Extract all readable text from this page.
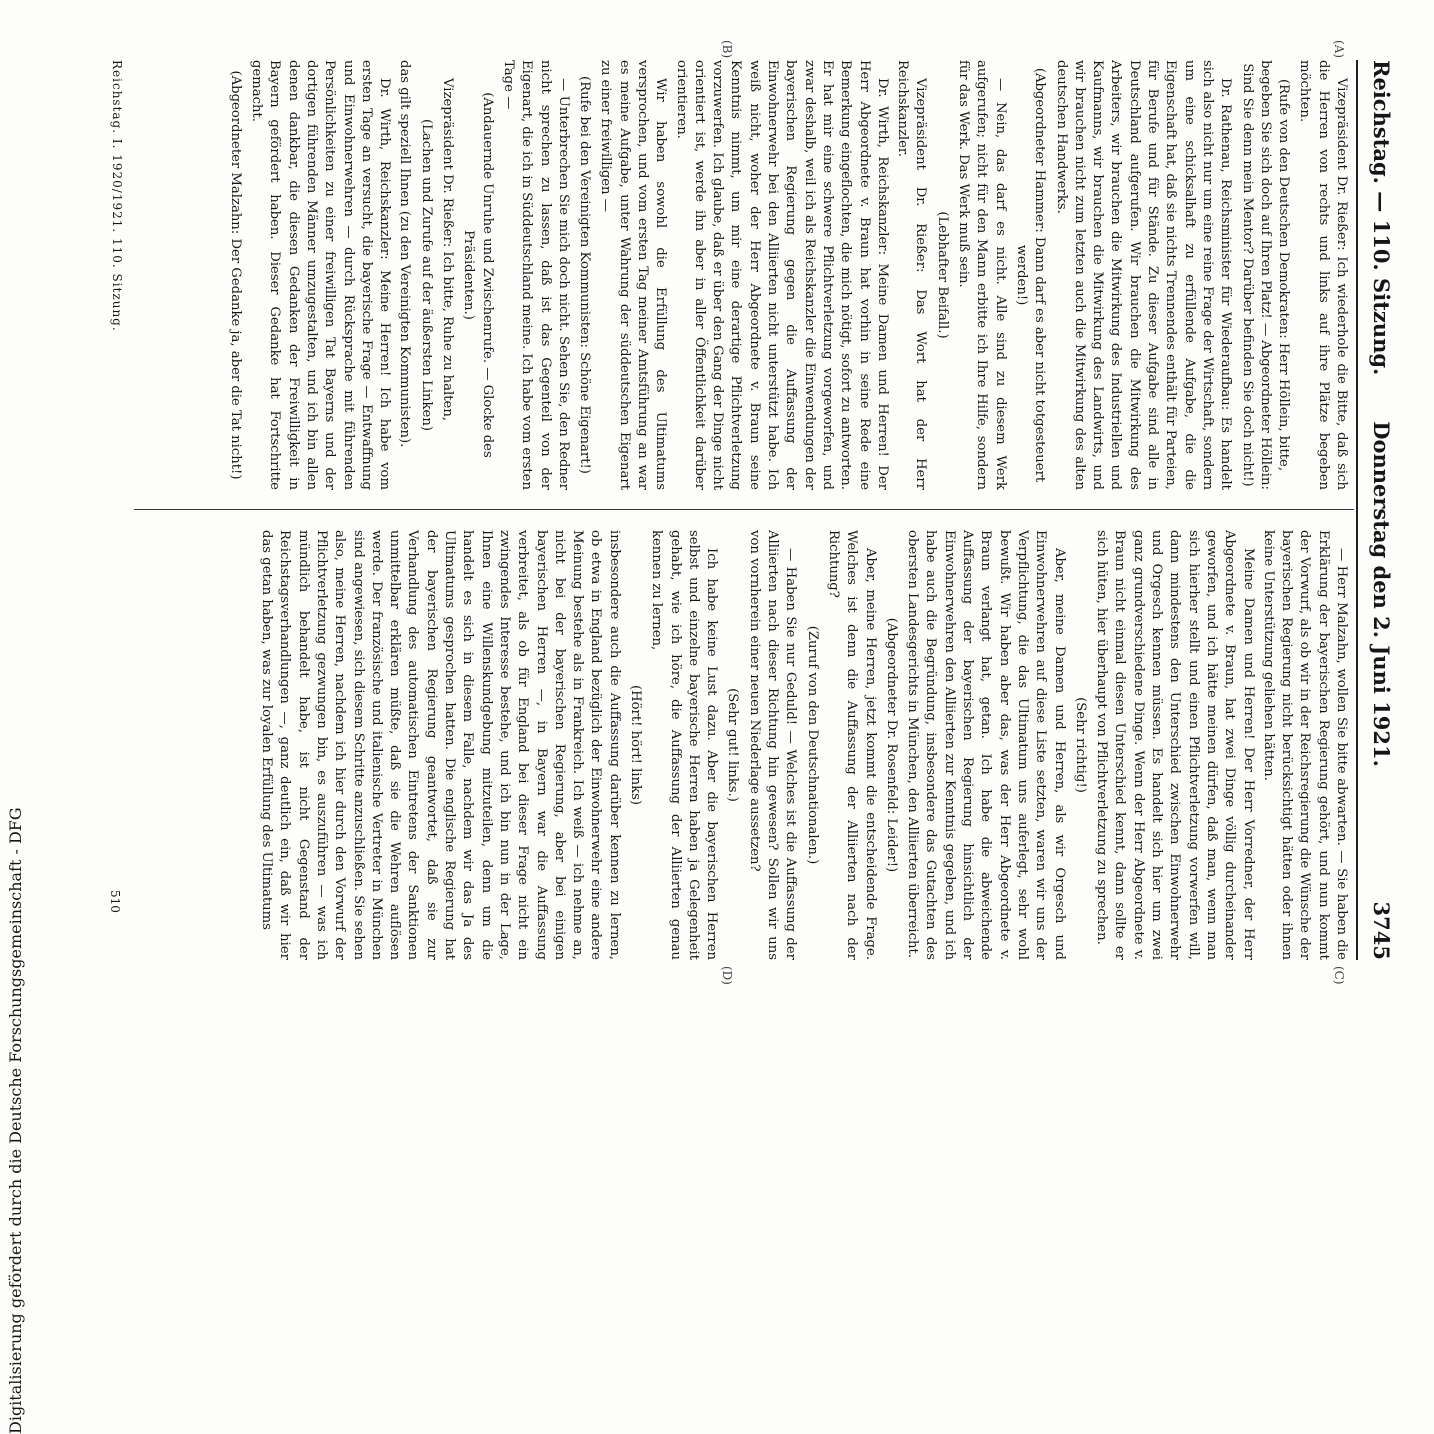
Reichstag. — 110. Sitzung.
Donnerstag den 2. Juni 1921.  3745
(A)
(B)
(C)
(D)

Vizepräsident Dr. Rießer: Ich wiederhole die Bitte, daß sich die Herren von rechts und links auf ihre Plätze begeben möchten.

(Rufe von den Deutschen Demokraten: Herr Höllein, bitte, begeben Sie sich doch auf Ihren Platz! — Abgeordneter Höllein: Sind Sie denn mein Mentor? Darüber befinden Sie doch nicht!)

Dr. Rathenau, Reichsminister für Wiederaufbau: Es handelt sich also nicht nur um eine reine Frage der Wirtschaft, sondern um eine schicksalhaft zu erfüllende Aufgabe, die die Eigenschaft hat, daß sie nichts Trennendes enthält für Parteien, für Berufe und für Stände. Zu dieser Aufgabe sind alle in Deutschland aufgerufen. Wir brauchen die Mitwirkung des Arbeiters, wir brauchen die Mitwirkung des Industriellen und Kaufmanns, wir brauchen die Mitwirkung des Landwirts, und wir brauchen nicht zum letzten auch die Mitwirkung des alten deutschen Handwerks.

(Abgeordneter Hammer: Dann darf es aber nicht totgesteuert werden!)

— Nein, das darf es nicht. Alle sind zu diesem Werk aufgerufen; nicht für den Mann erbitte ich Ihre Hilfe, sondern für das Werk. Das Werk muß sein.

(Lebhafter Beifall.)

Vizepräsident Dr. Rießer: Das Wort hat der Herr Reichskanzler.

Dr. Wirth, Reichskanzler: Meine Damen und Herren! Der Herr Abgeordnete v. Braun hat vorhin in seine Rede eine Bemerkung eingeflochten, die mich nötigt, sofort zu antworten. Er hat mir eine schwere Pflichtverletzung vorgeworfen, und zwar deshalb, weil ich als Reichskanzler die Einwendungen der bayerischen Regierung gegen die Auffassung der Einwohnerwehr bei den Alliierten nicht unterstützt habe. Ich weiß nicht, woher der Herr Abgeordnete v. Braun seine Kenntnis nimmt, um mir eine derartige Pflichtverletzung vorzuwerfen. Ich glaube, daß er über den Gang der Dinge nicht orientiert ist, werde ihn aber in aller Öffentlichkeit darüber orientieren.

Wir haben sowohl die Erfüllung des Ultimatums versprochen, und vom ersten Tag meiner Amtsführung an war es meine Aufgabe, unter Wahrung der süddeutschen Eigenart zu einer freiwilligen —

(Rufe bei den Vereinigten Kommunisten: Schöne Eigenart!)

— Unterbrechen Sie mich doch nicht. Sehen Sie, den Redner nicht sprechen zu lassen, daß ist das Gegenteil von der Eigenart, die ich in Süddeutschland meine. Ich habe vom ersten Tage —

(Andauernde Unruhe und Zwischenrufe. — Glocke des Präsidenten.)

Vizepräsident Dr. Rießer: Ich bitte, Ruhe zu halten,

(Lachen und Zurufe auf der äußersten Linken)

das gilt speziell Ihnen (zu den Vereinigten Kommunisten).

Dr. Wirth, Reichskanzler: Meine Herren! Ich habe vom ersten Tage an versucht, die bayerische Frage — Entwaffnung und Einwohnerwehren — durch Rücksprache mit führenden Persönlichkeiten zu einer freiwilligen Tat Bayerns und der dortigen führenden Männer umzugestalten, und ich bin allen denen dankbar, die diesen Gedanken der Freiwilligkeit in Bayern gefördert haben. Dieser Gedanke hat Fortschritte gemacht.

(Abgeordneter Malzahn: Der Gedanke ja, aber die Tat nicht!)

— Herr Malzahn, wollen Sie bitte abwarten. — Sie haben die Erklärung der bayerischen Regierung gehört, und nun kommt der Vorwurf, als ob wir in der Reichsregierung die Wünsche der bayerischen Regierung nicht berücksichtigt hätten oder ihnen keine Unterstützung geliehen hätten.

Meine Damen und Herren! Der Herr Vorredner, der Herr Abgeordnete v. Braun, hat zwei Dinge völlig durcheinander geworfen, und ich hätte meinen dürfen, daß man, wenn man sich hierher stellt und einen Pflichtverletzung vorwerfen will, dann mindestens den Unterschied zwischen Einwohnerwehr und Orgesch kennen müssen. Es handelt sich hier um zwei ganz grundverschiedene Dinge. Wenn der Herr Abgeordnete v. Braun nicht einmal diesen Unterschied kennt, dann sollte er sich hüten, hier überhaupt von Pflichtverletzung zu sprechen.

(Sehr richtig!)

Aber, meine Damen und Herren, als wir Orgesch und Einwohnerwehren auf diese Liste setzten, waren wir uns der Verpflichtung, die das Ultimatum uns auferlegt, sehr wohl bewußt. Wir haben aber das, was der Herr Abgeordnete v. Braun verlangt hat, getan. Ich habe die abweichende Auffassung der bayerischen Regierung hinsichtlich der Einwohnerwehren den Alliierten zur Kenntnis gegeben, und ich habe auch die Begründung, insbesondere das Gutachten des obersten Landesgerichts in München, den Alliierten überreicht.

(Abgeordneter Dr. Rosenfeld: Leider!)

Aber, meine Herren, jetzt kommt die entscheidende Frage. Welches ist denn die Auffassung der Alliierten nach der Richtung?

(Zuruf von den Deutschnationalen.)

— Haben Sie nur Geduld! — Welches ist die Auffassung der Alliierten nach dieser Richtung hin gewesen? Sollen wir uns von vornherein einer neuen Niederlage aussetzen?

(Sehr gut! links.)

Ich habe keine Lust dazu. Aber die bayerischen Herren selbst und einzelne bayerische Herren haben ja Gelegenheit gehabt, wie ich höre, die Auffassung der Alliierten genau kennen zu lernen,

(Hört! hört! links)

insbesondere auch die Auffassung darüber kennen zu lernen, ob etwa in England bezüglich der Einwohnerwehr eine andere Meinung bestehe als in Frankreich. Ich weiß — ich nehme an, nicht bei der bayerischen Regierung, aber bei einigen bayerischen Herren —, in Bayern war die Auffassung verbreitet, als ob für England bei dieser Frage nicht ein zwingendes Interesse bestehe, und ich bin nun in der Lage, Ihnen eine Willenskundgebung mitzuteilen, denn um die handelt es sich in diesem Falle, nachdem wir das Ja des Ultimatums gesprochen hatten. Die englische Regierung hat der bayerischen Regierung geantwortet, daß sie zur Verhandlung des automatischen Eintretens der Sanktionen unmittelbar erklären müßte, daß sie die Wehren auflösen werde. Der französische und italienische Vertreter in München sind angewiesen, sich diesem Schritte anzuschließen. Sie sehen also, meine Herren, nachdem ich hier durch den Vorwurf der Pflichtverletzung gezwungen bin, es auszuführen — was ich mündlich behandelt habe, ist nicht Gegenstand der Reichstagsverhandlungen —, ganz deutlich ein, daß wir hier das getan haben, was zur loyalen Erfüllung des Ultimatums

Reichstag. I. 1920/1921. 110. Sitzung.
510
Digitalisierung gefördert durch die Deutsche Forschungsgemeinschaft - DFG
